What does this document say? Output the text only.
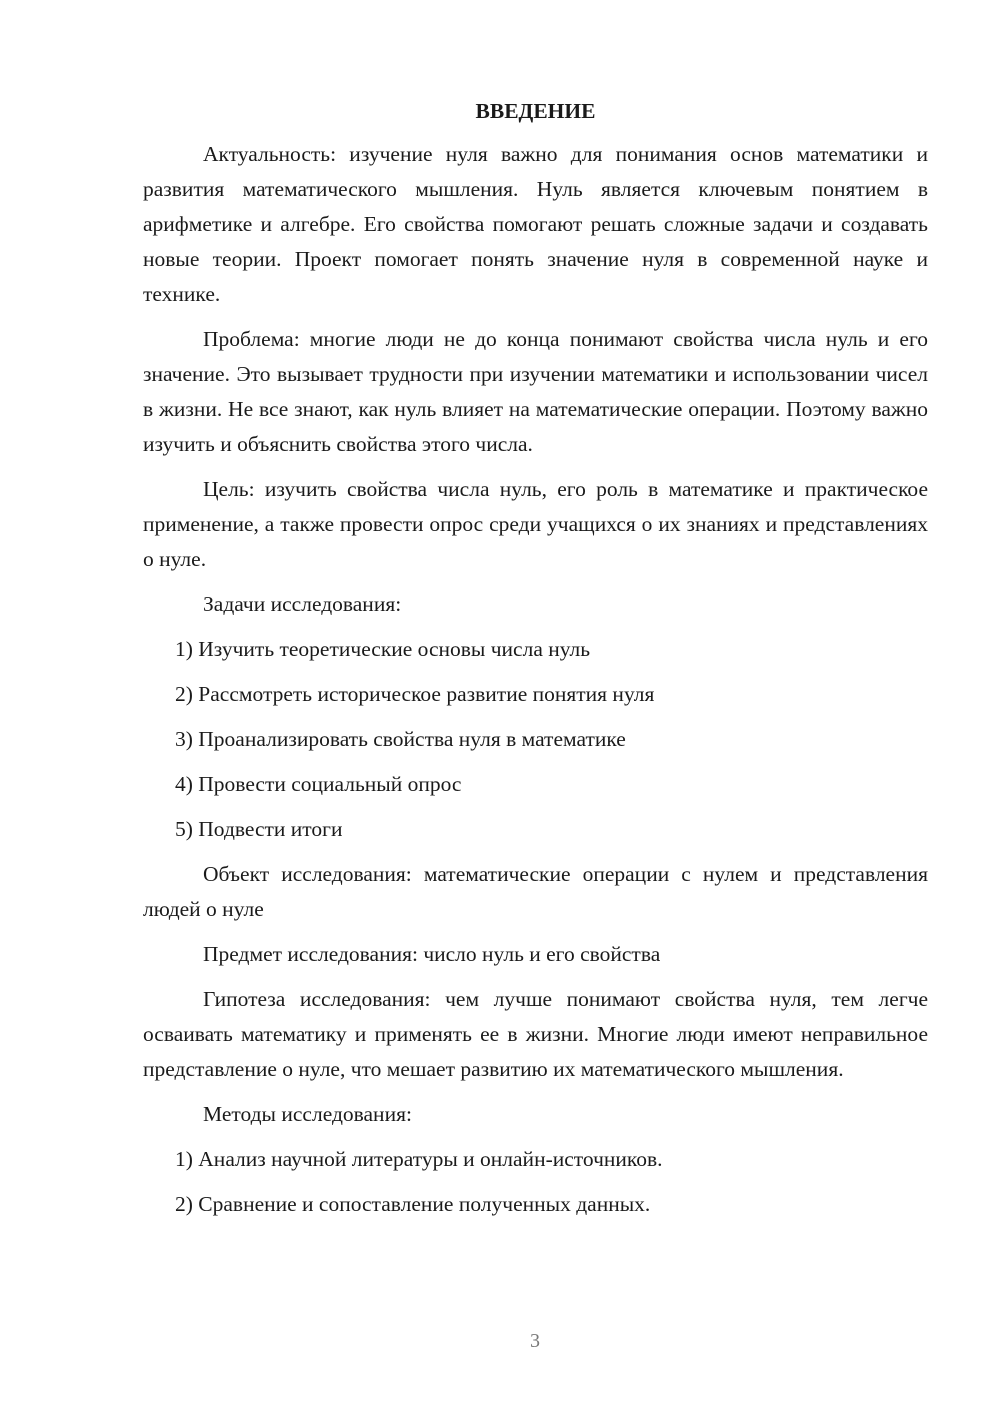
ВВЕДЕНИЕ

Актуальность: изучение нуля важно для понимания основ математики и развития математического мышления. Нуль является ключевым понятием в арифметике и алгебре. Его свойства помогают решать сложные задачи и создавать новые теории. Проект помогает понять значение нуля в современной науке и технике.

Проблема: многие люди не до конца понимают свойства числа нуль и его значение. Это вызывает трудности при изучении математики и использовании чисел в жизни. Не все знают, как нуль влияет на математические операции. Поэтому важно изучить и объяснить свойства этого числа.

Цель: изучить свойства числа нуль, его роль в математике и практическое применение, а также провести опрос среди учащихся о их знаниях и представлениях о нуле.

Задачи исследования:
1) Изучить теоретические основы числа нуль
2) Рассмотреть историческое развитие понятия нуля
3) Проанализировать свойства нуля в математике
4) Провести социальный опрос
5) Подвести итоги

Объект исследования: математические операции с нулем и представления людей о нуле

Предмет исследования: число нуль и его свойства

Гипотеза исследования: чем лучше понимают свойства нуля, тем легче осваивать математику и применять ее в жизни. Многие люди имеют неправильное представление о нуле, что мешает развитию их математического мышления.

Методы исследования:
1) Анализ научной литературы и онлайн-источников.
2) Сравнение и сопоставление полученных данных.
3
